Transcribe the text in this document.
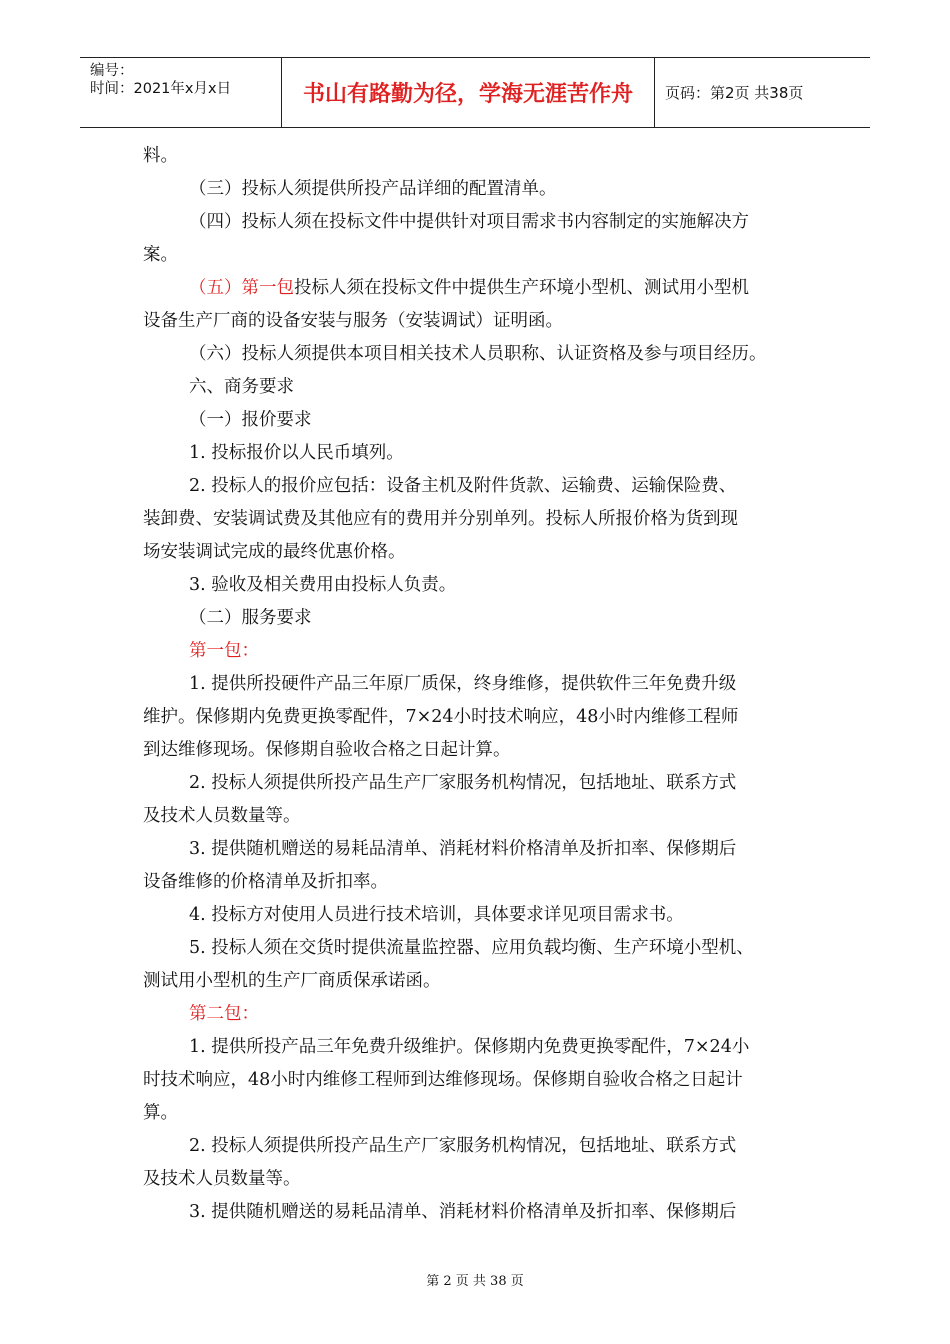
编号：
时间：2021年x月x日	书山有路勤为径，学海无涯苦作舟	页码：第2页 共38页
料。
（三）投标人须提供所投产品详细的配置清单。
（四）投标人须在投标文件中提供针对项目需求书内容制定的实施解决方
案。
（五）第一包投标人须在投标文件中提供生产环境小型机、测试用小型机
设备生产厂商的设备安装与服务（安装调试）证明函。
（六）投标人须提供本项目相关技术人员职称、认证资格及参与项目经历。
六、商务要求
（一）报价要求
1. 投标报价以人民币填列。
2. 投标人的报价应包括：设备主机及附件货款、运输费、运输保险费、
装卸费、安装调试费及其他应有的费用并分别单列。投标人所报价格为货到现
场安装调试完成的最终优惠价格。
3. 验收及相关费用由投标人负责。
（二）服务要求
第一包：
1. 提供所投硬件产品三年原厂质保，终身维修，提供软件三年免费升级
维护。保修期内免费更换零配件，7×24小时技术响应，48小时内维修工程师
到达维修现场。保修期自验收合格之日起计算。
2. 投标人须提供所投产品生产厂家服务机构情况，包括地址、联系方式
及技术人员数量等。
3. 提供随机赠送的易耗品清单、消耗材料价格清单及折扣率、保修期后
设备维修的价格清单及折扣率。
4. 投标方对使用人员进行技术培训，具体要求详见项目需求书。
5. 投标人须在交货时提供流量监控器、应用负载均衡、生产环境小型机、
测试用小型机的生产厂商质保承诺函。
第二包：
1. 提供所投产品三年免费升级维护。保修期内免费更换零配件，7×24小
时技术响应，48小时内维修工程师到达维修现场。保修期自验收合格之日起计
算。
2. 投标人须提供所投产品生产厂家服务机构情况，包括地址、联系方式
及技术人员数量等。
3. 提供随机赠送的易耗品清单、消耗材料价格清单及折扣率、保修期后
第 2 页 共 38 页
